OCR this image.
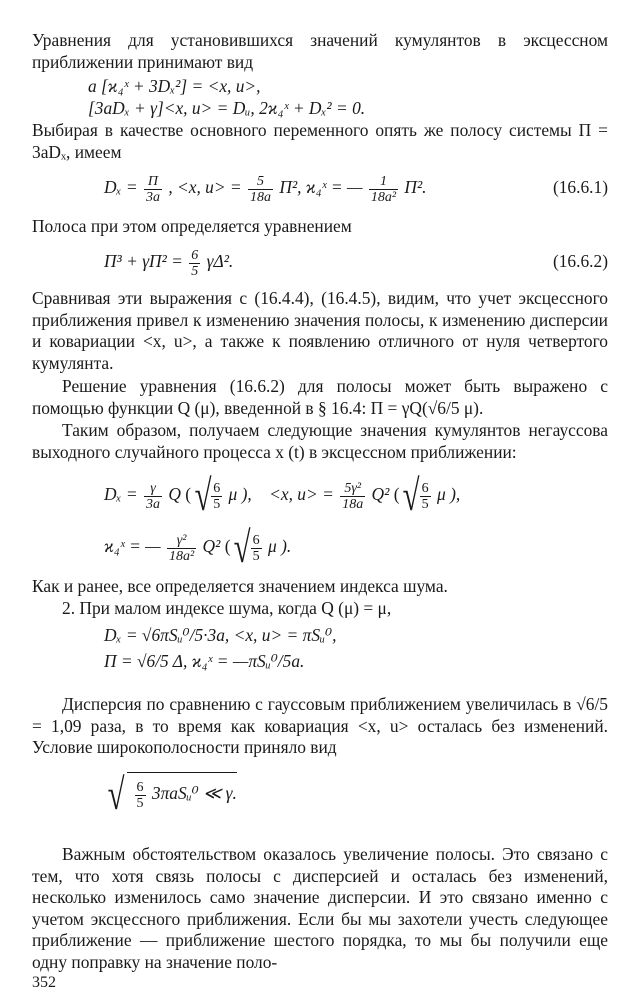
Уравнения для установившихся значений кумулянтов в эксцессном приближении принимают вид

a [ϰ₄ˣ + 3Dₓ²] = <x, u>,
[3aDₓ + γ]<x, u> = Dᵤ, 2ϰ₄ˣ + Dₓ² = 0.

Выбирая в качестве основного переменного опять же полосу системы Π = 3aDₓ, имеем

$D_x = \frac{\Pi}{3a}$ , <x, $u> = \frac{5}{18a} \Pi^2$, ϰ₄ˣ = — $\frac{1}{\text{18a²}} \Pi^2$.	(16.6.1)

Полоса при этом определяется уравнением

$\Pi^3 + \gamma\Pi^2 = \frac{6}{5} \gamma\Delta^2$.	(16.6.2)

Сравнивая эти выражения с (16.4.4), (16.4.5), видим, что учет эксцессного приближения привел к изменению значения полосы, к изменению дисперсии и ковариации <x, u>, а также к появлению отличного от нуля четвертого кумулянта.

Решение уравнения (16.6.2) для полосы может быть выражено с помощью функции Q (μ), введенной в § 16.4: Π = γQ(√6/5 μ).

Таким образом, получаем следующие значения кумулянтов негауссова выходного случайного процесса x (t) в эксцессном приближении:

$D_x = \frac{\gamma}{3a}$ Q (√ $\frac{6}{5}$ μ ), <x, $u> = \frac{\text{5γ²}}{18a} Q^2$ (√ $\frac{6}{5}$ μ ),
ϰ₄ˣ = — $\frac{\text{γ²}}{\text{18a²}} Q^2$ (√ $\frac{6}{5}$ μ ).

Как и ранее, все определяется значением индекса шума.

2. При малом индексе шума, когда Q (μ) = μ,

Dₓ = √6πSᵤ⁰/5·3a, <x, u> = πSᵤ⁰,
Π = √6/5 Δ, ϰ₄ˣ = —πSᵤ⁰/5a.

Дисперсия по сравнению с гауссовым приближением увеличилась в √6/5 = 1,09 раза, в то время как ковариация <x, u> осталась без изменений. Условие широкополосности приняло вид

√ $\frac{6}{5}$ 3πaSᵤ⁰ ≪ γ.

Важным обстоятельством оказалось увеличение полосы. Это связано с тем, что хотя связь полосы с дисперсией и осталась без изменений, несколько изменилось само значение дисперсии. И это связано именно с учетом эксцессного приближения. Если бы мы захотели учесть следующее приближение — приближение шестого порядка, то мы бы получили еще одну поправку на значение поло-

352
